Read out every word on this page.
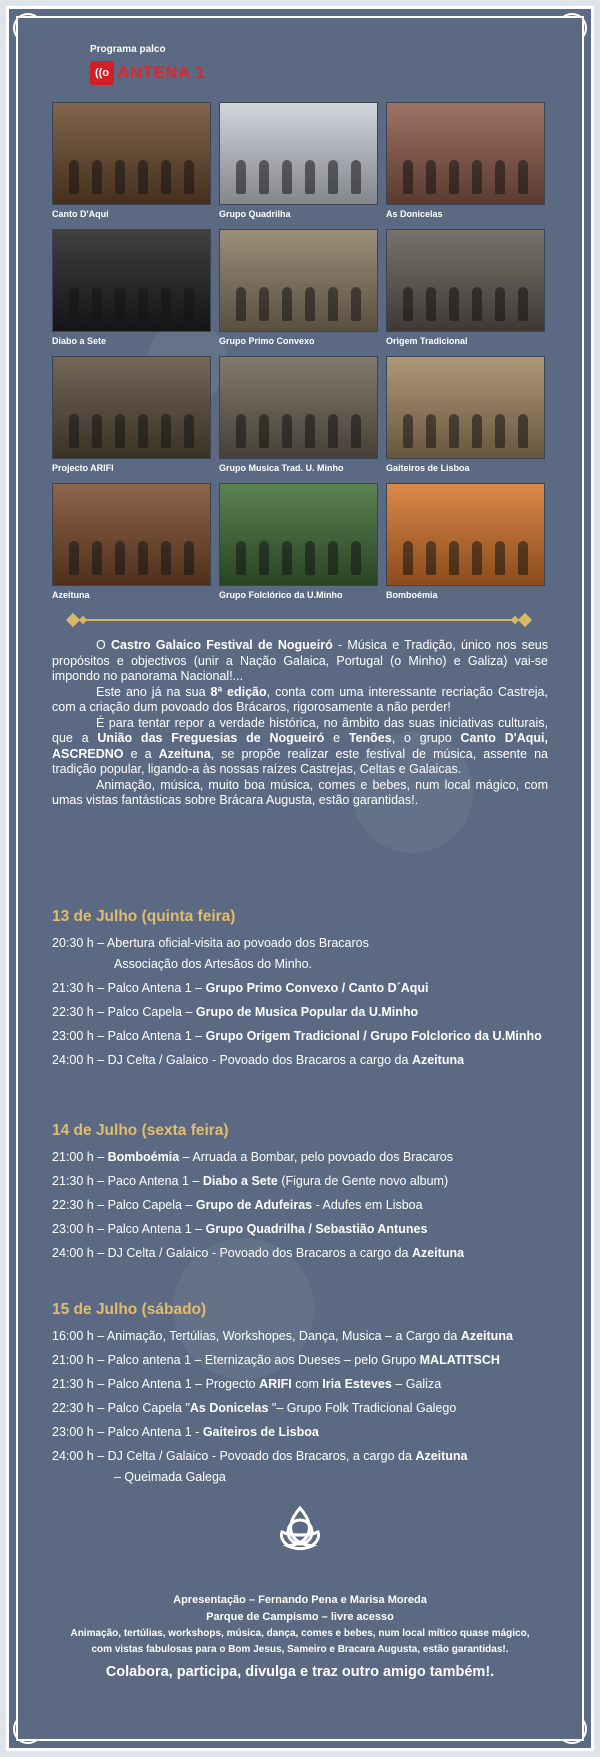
Programa palco
((o ANTENA 1
Canto D'Aqui	Grupo Quadrilha	As Donicelas
Diabo a Sete	Grupo Primo Convexo	Origem Tradicional
Projecto ARIFI	Grupo Musica Trad. U. Minho	Gaiteiros de Lisboa
Azeituna	Grupo Folclórico da U.Minho	Bomboémia

O Castro Galaico Festival de Nogueiró - Música e Tradição, único nos seus propósitos e objectivos (unir a Nação Galaica, Portugal (o Minho) e Galiza) vai-se impondo no panorama Nacional!...

Este ano já na sua 8ª edição, conta com uma interessante recriação Castreja, com a criação dum povoado dos Brácaros, rigorosamente a não perder!

É para tentar repor a verdade histórica, no âmbito das suas iniciativas culturais, que a União das Freguesias de Nogueiró e Tenões, o grupo Canto D'Aqui, ASCREDNO e a Azeituna, se propõe realizar este festival de música, assente na tradição popular, ligando-a às nossas raízes Castrejas, Celtas e Galaicas.

Animação, música, muito boa música, comes e bebes, num local mágico, com umas vistas fantásticas sobre Brácara Augusta, estão garantidas!.

13 de Julho (quinta feira)
20:30 h – Abertura oficial-visita ao povoado dos Bracaros
Associação dos Artesãos do Minho.
21:30 h – Palco Antena 1 – Grupo Primo Convexo / Canto D´Aqui
22:30 h – Palco Capela – Grupo de Musica Popular da U.Minho
23:00 h – Palco Antena 1 – Grupo Origem Tradicional / Grupo Folclorico da U.Minho
24:00 h – DJ Celta / Galaico - Povoado dos Bracaros a cargo da Azeituna
14 de Julho (sexta feira)
21:00 h – Bomboémia – Arruada a Bombar, pelo povoado dos Bracaros
21:30 h – Paco Antena 1 – Diabo a Sete (Figura de Gente novo album)
22:30 h – Palco Capela – Grupo de Adufeiras - Adufes em Lisboa
23:00 h – Palco Antena 1 – Grupo Quadrilha / Sebastião Antunes
24:00 h – DJ Celta / Galaico - Povoado dos Bracaros a cargo da Azeituna
15 de Julho (sábado)
16:00 h – Animação, Tertúlias, Workshopes, Dança, Musica – a Cargo da Azeituna
21:00 h – Palco antena 1 – Eternização aos Dueses – pelo Grupo MALATITSCH
21:30 h – Palco Antena 1 – Progecto ARIFI com Iria Esteves – Galiza
22:30 h – Palco Capela "As Donicelas "– Grupo Folk Tradicional Galego
23:00 h – Palco Antena 1 - Gaiteiros de Lisboa
24:00 h – DJ Celta / Galaico - Povoado dos Bracaros, a cargo da Azeituna
– Queimada Galega
Apresentação – Fernando Pena e Marisa Moreda
Parque de Campismo – livre acesso
Animação, tertúlias, workshops, música, dança, comes e bebes, num local mítico quase mágico,
com vistas fabulosas para o Bom Jesus, Sameiro e Bracara Augusta, estão garantidas!.
Colabora, participa, divulga e traz outro amigo também!.
